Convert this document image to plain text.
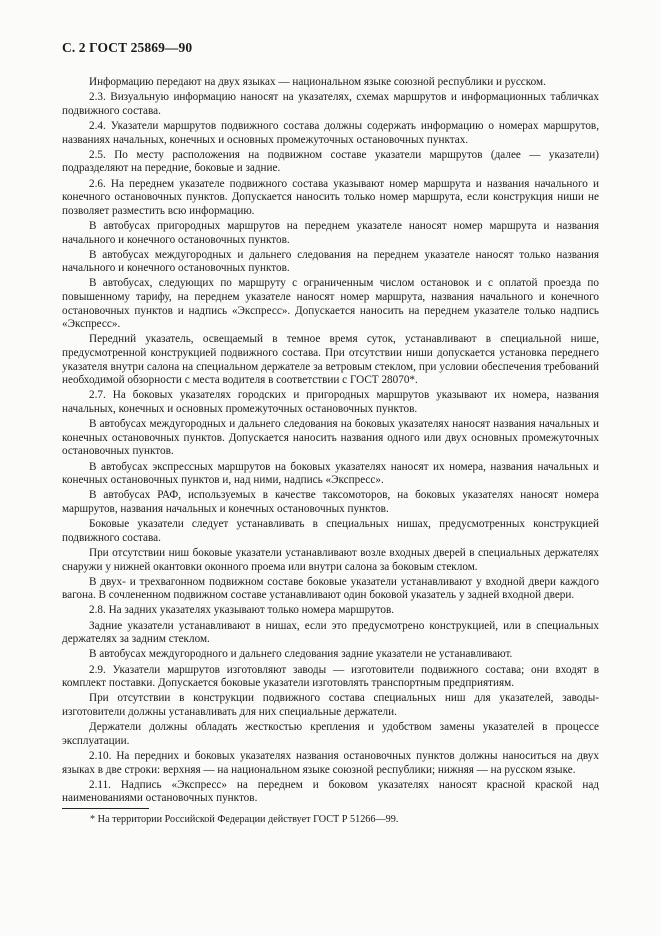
С. 2 ГОСТ 25869—90

Информацию передают на двух языках — национальном языке союзной республики и русском.

2.3. Визуальную информацию наносят на указателях, схемах маршрутов и информационных табличках подвижного состава.

2.4. Указатели маршрутов подвижного состава должны содержать информацию о номерах маршрутов, названиях начальных, конечных и основных промежуточных остановочных пунктах.

2.5. По месту расположения на подвижном составе указатели маршрутов (далее — указатели) подразделяют на передние, боковые и задние.

2.6. На переднем указателе подвижного состава указывают номер маршрута и названия начального и конечного остановочных пунктов. Допускается наносить только номер маршрута, если конструкция ниши не позволяет разместить всю информацию.

В автобусах пригородных маршрутов на переднем указателе наносят номер маршрута и названия начального и конечного остановочных пунктов.

В автобусах междугородных и дальнего следования на переднем указателе наносят только названия начального и конечного остановочных пунктов.

В автобусах, следующих по маршруту с ограниченным числом остановок и с оплатой проезда по повышенному тарифу, на переднем указателе наносят номер маршрута, названия начального и конечного остановочных пунктов и надпись «Экспресс». Допускается наносить на переднем указателе только надпись «Экспресс».

Передний указатель, освещаемый в темное время суток, устанавливают в специальной нише, предусмотренной конструкцией подвижного состава. При отсутствии ниши допускается установка переднего указателя внутри салона на специальном держателе за ветровым стеклом, при условии обеспечения требований необходимой обзорности с места водителя в соответствии с ГОСТ 28070*.

2.7. На боковых указателях городских и пригородных маршрутов указывают их номера, названия начальных, конечных и основных промежуточных остановочных пунктов.

В автобусах междугородных и дальнего следования на боковых указателях наносят названия начальных и конечных остановочных пунктов. Допускается наносить названия одного или двух основных промежуточных остановочных пунктов.

В автобусах экспрессных маршрутов на боковых указателях наносят их номера, названия начальных и конечных остановочных пунктов и, над ними, надпись «Экспресс».

В автобусах РАФ, используемых в качестве таксомоторов, на боковых указателях наносят номера маршрутов, названия начальных и конечных остановочных пунктов.

Боковые указатели следует устанавливать в специальных нишах, предусмотренных конструкцией подвижного состава.

При отсутствии ниш боковые указатели устанавливают возле входных дверей в специальных держателях снаружи у нижней окантовки оконного проема или внутри салона за боковым стеклом.

В двух- и трехвагонном подвижном составе боковые указатели устанавливают у входной двери каждого вагона. В сочлененном подвижном составе устанавливают один боковой указатель у задней входной двери.

2.8. На задних указателях указывают только номера маршрутов.

Задние указатели устанавливают в нишах, если это предусмотрено конструкцией, или в специальных держателях за задним стеклом.

В автобусах междугородного и дальнего следования задние указатели не устанавливают.

2.9. Указатели маршрутов изготовляют заводы — изготовители подвижного состава; они входят в комплект поставки. Допускается боковые указатели изготовлять транспортным предприятиям.

При отсутствии в конструкции подвижного состава специальных ниш для указателей, заводы-изготовители должны устанавливать для них специальные держатели.

Держатели должны обладать жесткостью крепления и удобством замены указателей в процессе эксплуатации.

2.10. На передних и боковых указателях названия остановочных пунктов должны наноситься на двух языках в две строки: верхняя — на национальном языке союзной республики; нижняя — на русском языке.

2.11. Надпись «Экспресс» на переднем и боковом указателях наносят красной краской над наименованиями остановочных пунктов.

* На территории Российской Федерации действует ГОСТ Р 51266—99.
